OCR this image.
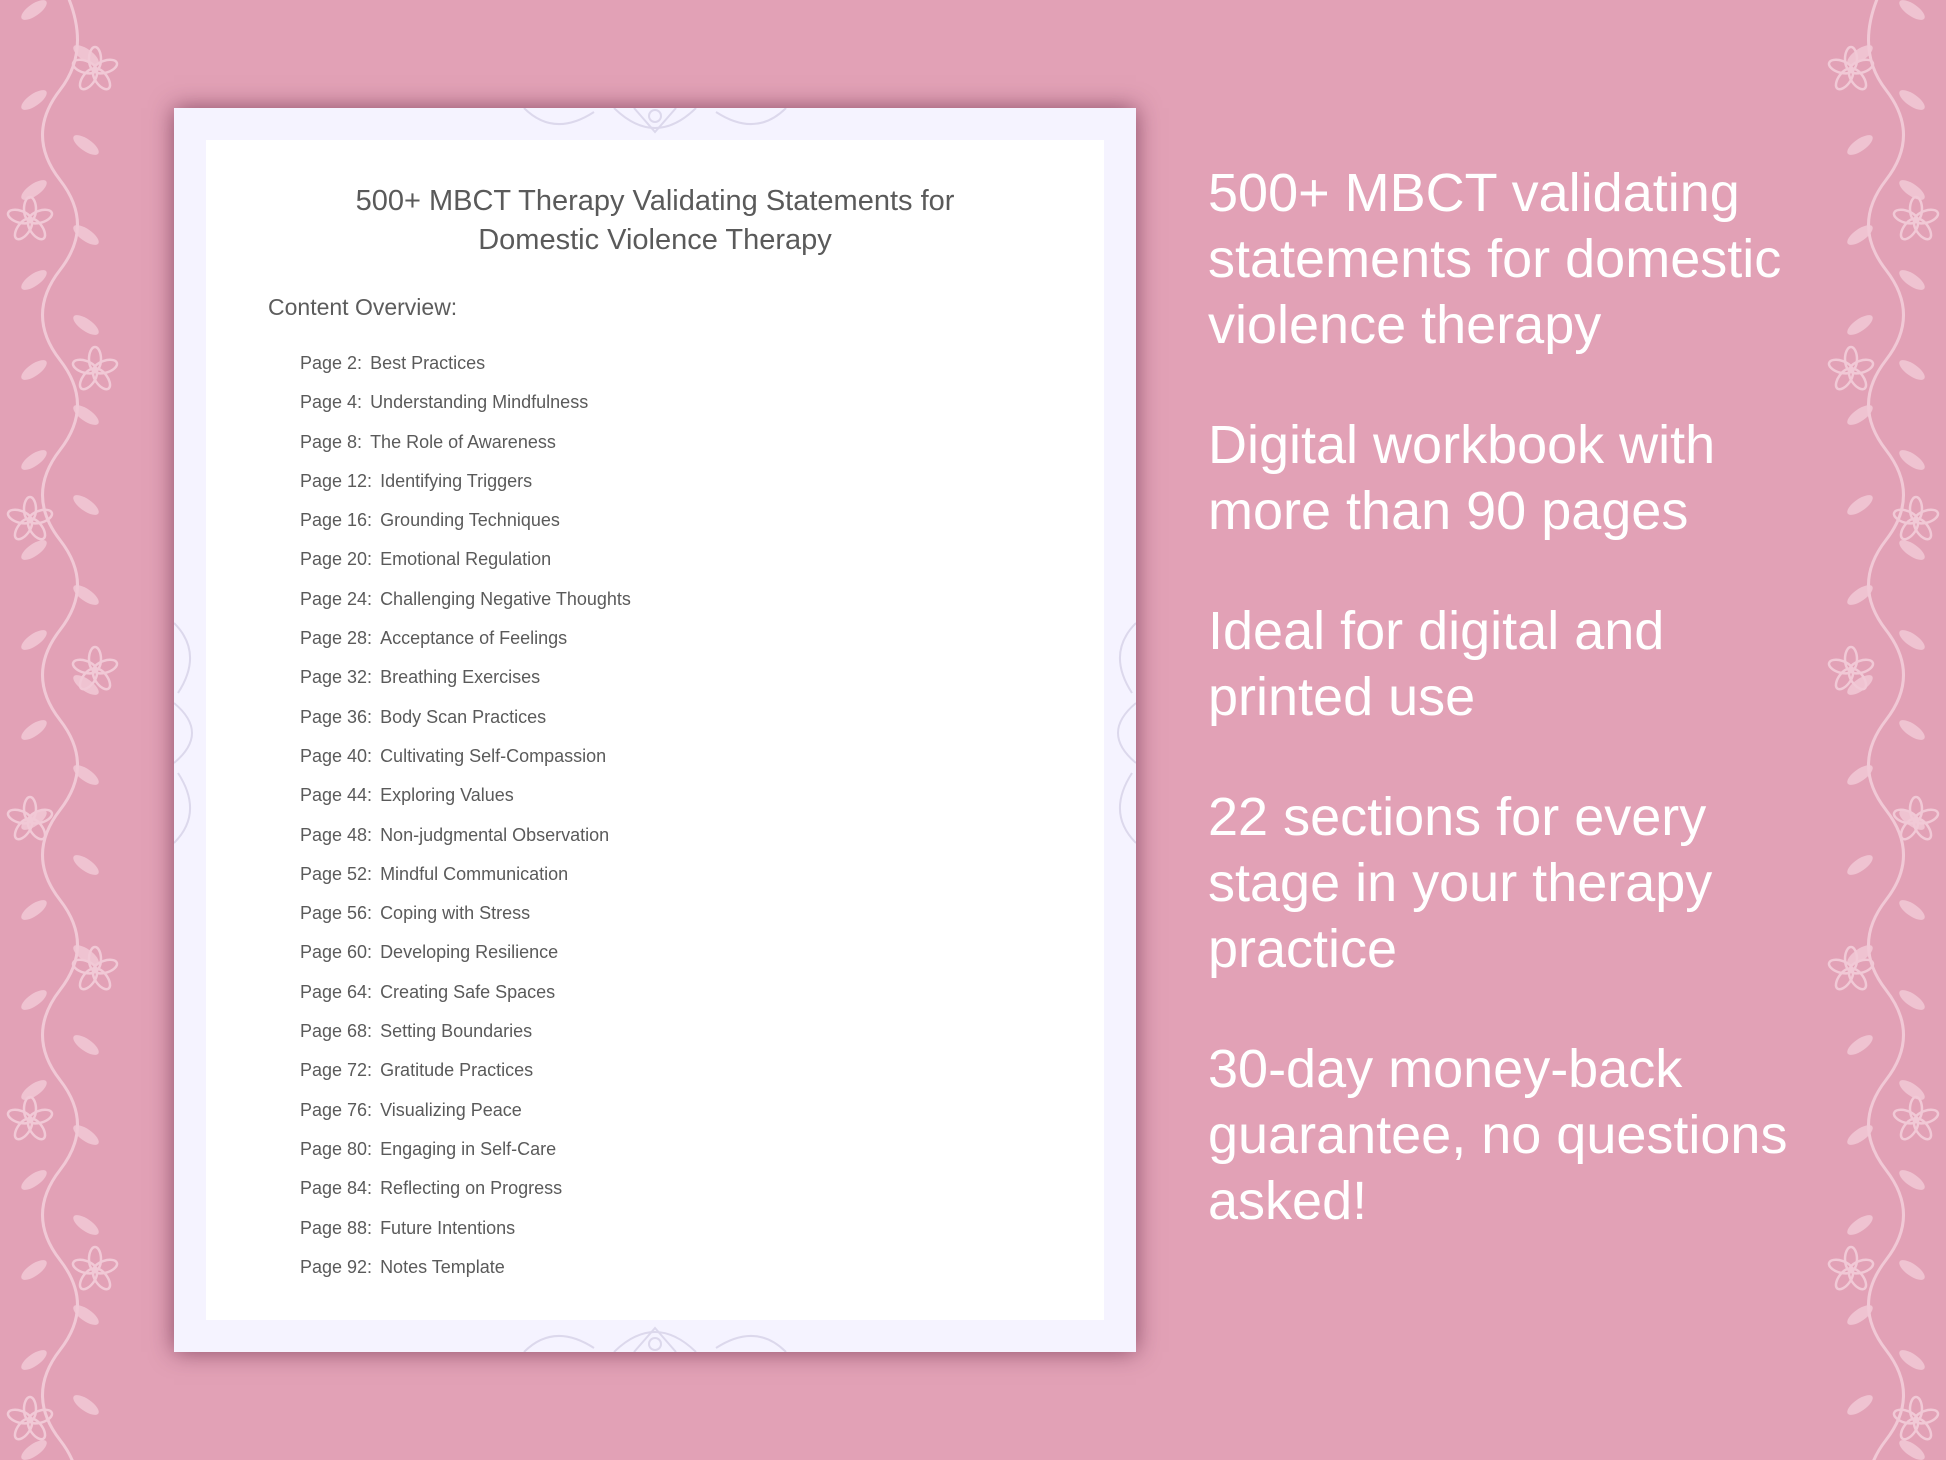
500+ MBCT Therapy Validating Statements for
Domestic Violence Therapy
Content Overview:
Page 2: Best Practices
Page 4: Understanding Mindfulness
Page 8: The Role of Awareness
Page 12: Identifying Triggers
Page 16: Grounding Techniques
Page 20: Emotional Regulation
Page 24: Challenging Negative Thoughts
Page 28: Acceptance of Feelings
Page 32: Breathing Exercises
Page 36: Body Scan Practices
Page 40: Cultivating Self-Compassion
Page 44: Exploring Values
Page 48: Non-judgmental Observation
Page 52: Mindful Communication
Page 56: Coping with Stress
Page 60: Developing Resilience
Page 64: Creating Safe Spaces
Page 68: Setting Boundaries
Page 72: Gratitude Practices
Page 76: Visualizing Peace
Page 80: Engaging in Self-Care
Page 84: Reflecting on Progress
Page 88: Future Intentions
Page 92: Notes Template

500+ MBCT validating statements for domestic violence therapy

Digital workbook with more than 90 pages

Ideal for digital and printed use

22 sections for every stage in your therapy practice

30-day money-back guarantee, no questions asked!
